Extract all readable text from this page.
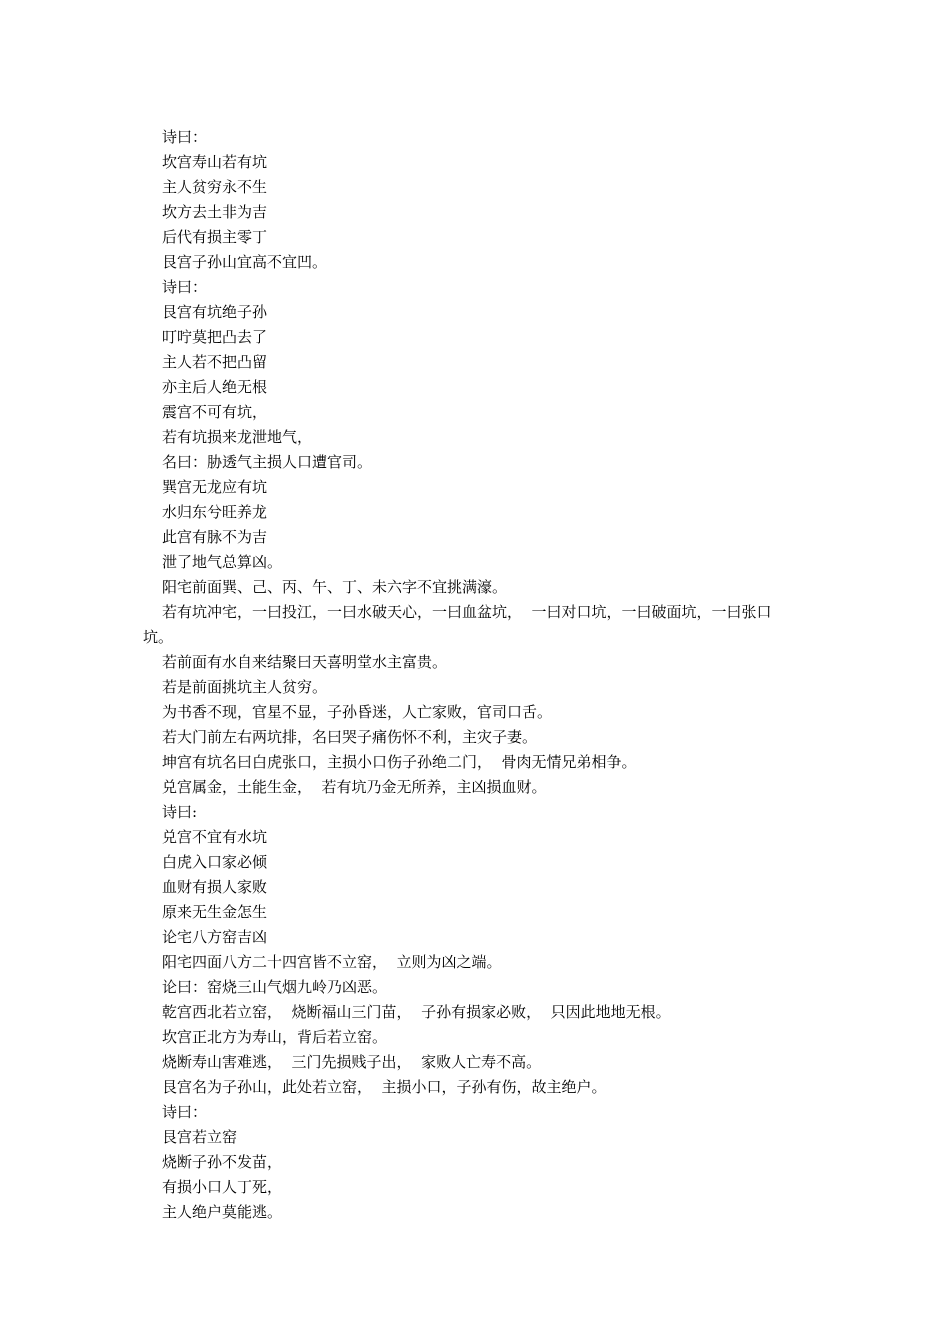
诗曰：
坎宫寿山若有坑
主人贫穷永不生
坎方去土非为吉
后代有损主零丁
艮宫子孙山宜高不宜凹。
诗曰：
艮宫有坑绝子孙
叮咛莫把凸去了
主人若不把凸留
亦主后人绝无根
震宫不可有坑，
若有坑损来龙泄地气，
名曰：胁透气主损人口遭官司。
巽宫无龙应有坑
水归东兮旺养龙
此宫有脉不为吉
泄了地气总算凶。
阳宅前面巽、己、丙、午、丁、未六字不宜挑满濠。
若有坑冲宅，一曰投江，一曰水破天心，一曰血盆坑，  一曰对口坑，一曰破面坑，一曰张口
坑。
若前面有水自来结聚曰天喜明堂水主富贵。
若是前面挑坑主人贫穷。
为书香不现，官星不显，子孙昏迷，人亡家败，官司口舌。
若大门前左右两坑排，名曰哭子痛伤怀不利，主灾子妻。
坤宫有坑名曰白虎张口，主损小口伤子孙绝二门，  骨肉无情兄弟相争。
兑宫属金，土能生金，  若有坑乃金无所养，主凶损血财。
诗曰:
兑宫不宜有水坑
白虎入口家必倾
血财有损人家败
原来无生金怎生
论宅八方窑吉凶
阳宅四面八方二十四宫皆不立窑，  立则为凶之端。
论曰：窑烧三山气烟九岭乃凶恶。
乾宫西北若立窑，  烧断福山三门苗，  子孙有损家必败，  只因此地地无根。
坎宫正北方为寿山，背后若立窑。
烧断寿山害难逃，  三门先损贱子出，  家败人亡寿不高。
艮宫名为子孙山，此处若立窑，  主损小口，子孙有伤，故主绝户。
诗曰：
艮宫若立窑
烧断子孙不发苗，
有损小口人丁死，
主人绝户莫能逃。
